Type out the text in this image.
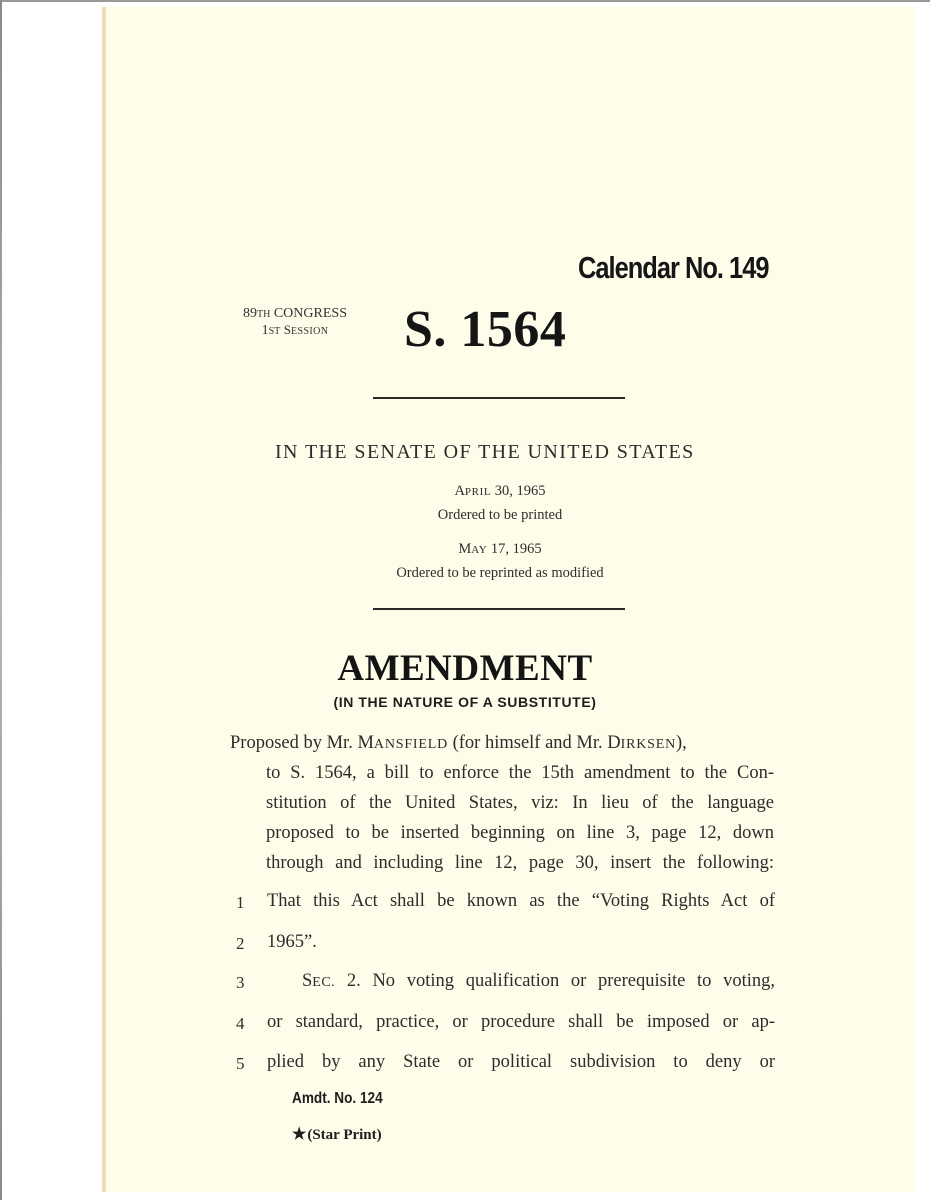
Calendar No. 149
89TH CONGRESS
1ST SESSION	S. 1564
IN THE SENATE OF THE UNITED STATES
APRIL 30, 1965
Ordered to be printed
MAY 17, 1965
Ordered to be reprinted as modified
AMENDMENT
(IN THE NATURE OF A SUBSTITUTE)
Proposed by Mr. MANSFIELD (for himself and Mr. DIRKSEN),
to S. 1564, a bill to enforce the 15th amendment to the Con-
stitution of the United States, viz: In lieu of the language
proposed to be inserted beginning on line 3, page 12, down
through and including line 12, page 30, insert the following:
1 That this Act shall be known as the “Voting Rights Act of
2 1965”.
3	SEC. 2. No voting qualification or prerequisite to voting,
4 or standard, practice, or procedure shall be imposed or ap-
5 plied by any State or political subdivision to deny or
Amdt. No. 124
★(Star Print)
